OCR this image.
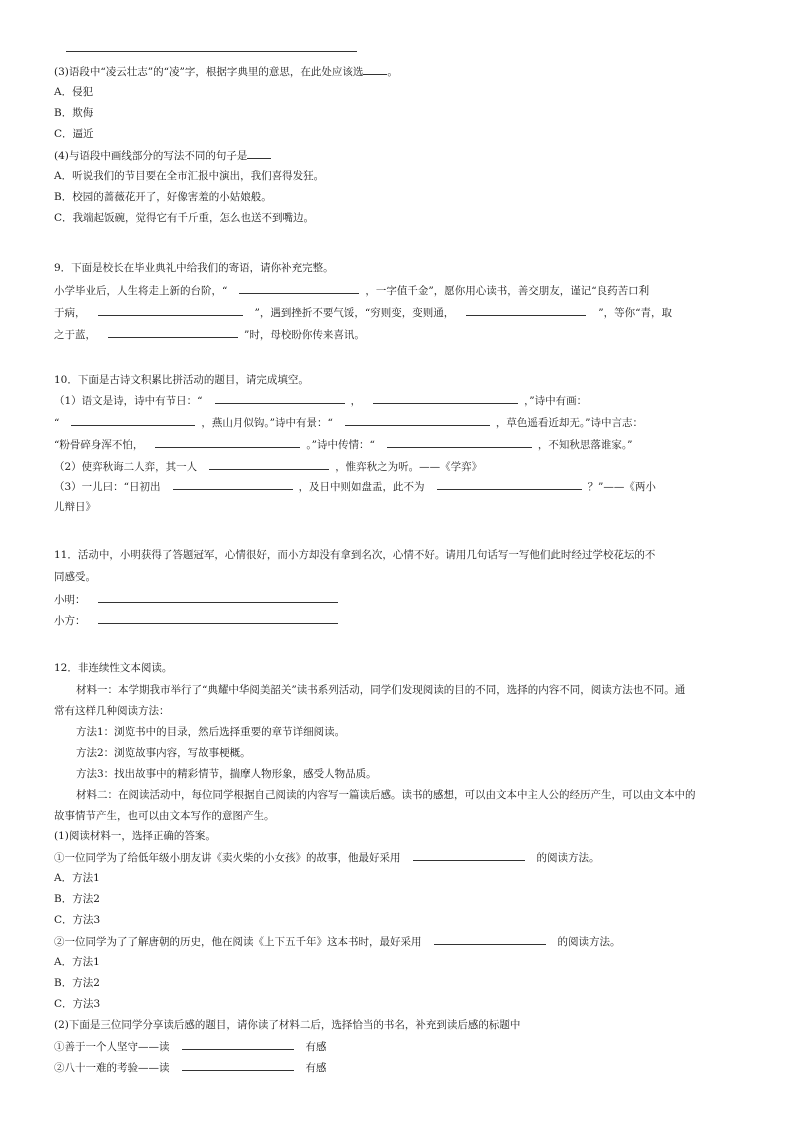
(3)语段中“凌云壮志”的“凌”字，根据字典里的意思，在此处应该选 。
A．侵犯
B．欺侮
C．逼近
(4)与语段中画线部分的写法不同的句子是
A．听说我们的节目要在全市汇报中演出，我们喜得发狂。
B．校园的蔷薇花开了，好像害羞的小姑娘般。
C．我端起饭碗，觉得它有千斤重，怎么也送不到嘴边。
9．下面是校长在毕业典礼中给我们的寄语，请你补充完整。
小学毕业后，人生将走上新的台阶，“	，一字值千金”，愿你用心读书，善交朋友，谨记“良药苦口利
于病，	”，遇到挫折不要气馁，“穷则变，变则通，	”，等你“青，取
之于蓝，	”时，母校盼你传来喜讯。
10．下面是古诗文积累比拼活动的题目，请完成填空。
（1）语文是诗，诗中有节日：“	，	，”诗中有画：
“	，燕山月似钩。”诗中有景：“	，草色遥看近却无。”诗中言志：
“粉骨碎身浑不怕，	。”诗中传情：“	，不知秋思落谁家。”
（2）使弈秋诲二人弈，其一人	，惟弈秋之为听。——《学弈》
（3）一儿曰：“日初出	，及日中则如盘盂，此不为	？”——《两小
儿辩日》
11．活动中，小明获得了答题冠军，心情很好，而小方却没有拿到名次，心情不好。请用几句话写一写他们此时经过学校花坛的不
同感受。
小明：
小方：
12．非连续性文本阅读。
材料一：本学期我市举行了“典耀中华阅美韶关”读书系列活动，同学们发现阅读的目的不同，选择的内容不同，阅读方法也不同。通
常有这样几种阅读方法：
方法1：浏览书中的目录，然后选择重要的章节详细阅读。
方法2：浏览故事内容，写故事梗概。
方法3：找出故事中的精彩情节，揣摩人物形象，感受人物品质。
材料二：在阅读活动中，每位同学根据自己阅读的内容写一篇读后感。读书的感想，可以由文本中主人公的经历产生，可以由文本中的
故事情节产生，也可以由文本写作的意图产生。
(1)阅读材料一，选择正确的答案。
①一位同学为了给低年级小朋友讲《卖火柴的小女孩》的故事，他最好采用	的阅读方法。
A．方法1
B．方法2
C．方法3
②一位同学为了了解唐朝的历史，他在阅读《上下五千年》这本书时，最好采用	的阅读方法。
A．方法1
B．方法2
C．方法3
(2)下面是三位同学分享读后感的题目，请你读了材料二后，选择恰当的书名，补充到读后感的标题中
①善于一个人坚守——读	有感
②八十一难的考验——读	有感
